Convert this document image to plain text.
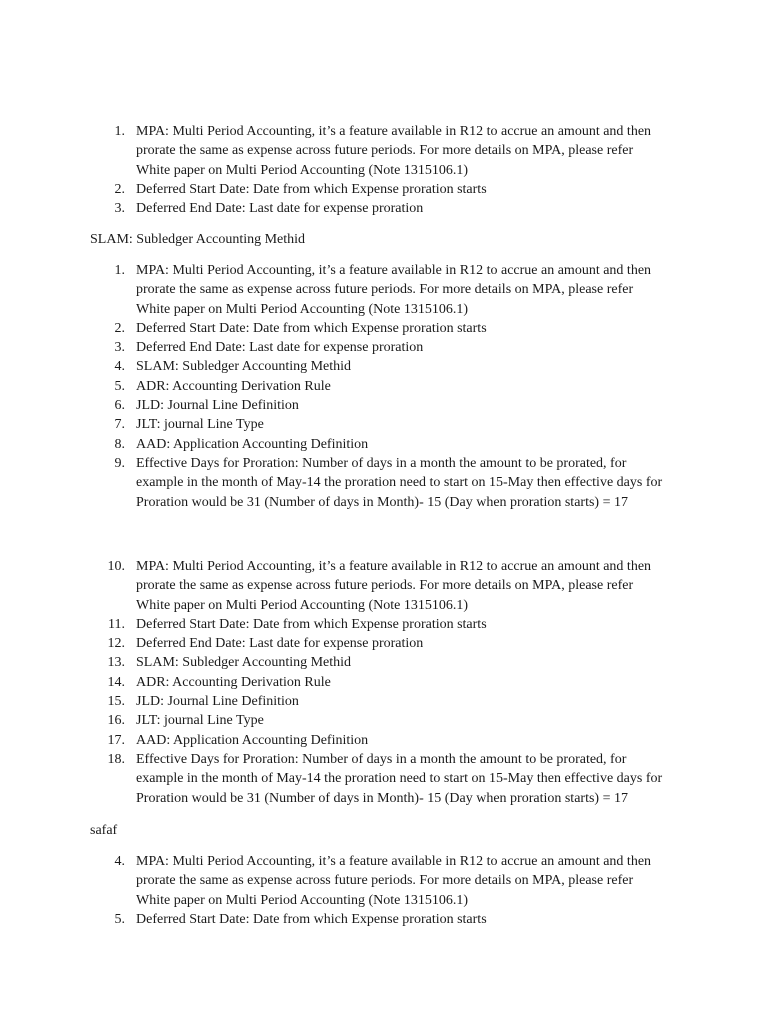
1. MPA: Multi Period Accounting, it’s a feature available in R12 to accrue an amount and then prorate the same as expense across future periods. For more details on MPA, please refer White paper on Multi Period Accounting (Note 1315106.1)
2. Deferred Start Date: Date from which Expense proration starts
3. Deferred End Date: Last date for expense proration

SLAM: Subledger Accounting Methid

1. MPA: Multi Period Accounting, it’s a feature available in R12 to accrue an amount and then prorate the same as expense across future periods. For more details on MPA, please refer White paper on Multi Period Accounting (Note 1315106.1)
2. Deferred Start Date: Date from which Expense proration starts
3. Deferred End Date: Last date for expense proration
4. SLAM: Subledger Accounting Methid
5. ADR: Accounting Derivation Rule
6. JLD: Journal Line Definition
7. JLT: journal Line Type
8. AAD: Application Accounting Definition
9. Effective Days for Proration: Number of days in a month the amount to be prorated, for example in the month of May-14 the proration need to start on 15-May then effective days for Proration would be 31 (Number of days in Month)- 15 (Day when proration starts) = 17
10. MPA: Multi Period Accounting, it’s a feature available in R12 to accrue an amount and then prorate the same as expense across future periods. For more details on MPA, please refer White paper on Multi Period Accounting (Note 1315106.1)
11. Deferred Start Date: Date from which Expense proration starts
12. Deferred End Date: Last date for expense proration
13. SLAM: Subledger Accounting Methid
14. ADR: Accounting Derivation Rule
15. JLD: Journal Line Definition
16. JLT: journal Line Type
17. AAD: Application Accounting Definition
18. Effective Days for Proration: Number of days in a month the amount to be prorated, for example in the month of May-14 the proration need to start on 15-May then effective days for Proration would be 31 (Number of days in Month)- 15 (Day when proration starts) = 17

safaf

4. MPA: Multi Period Accounting, it’s a feature available in R12 to accrue an amount and then prorate the same as expense across future periods. For more details on MPA, please refer White paper on Multi Period Accounting (Note 1315106.1)
5. Deferred Start Date: Date from which Expense proration starts
